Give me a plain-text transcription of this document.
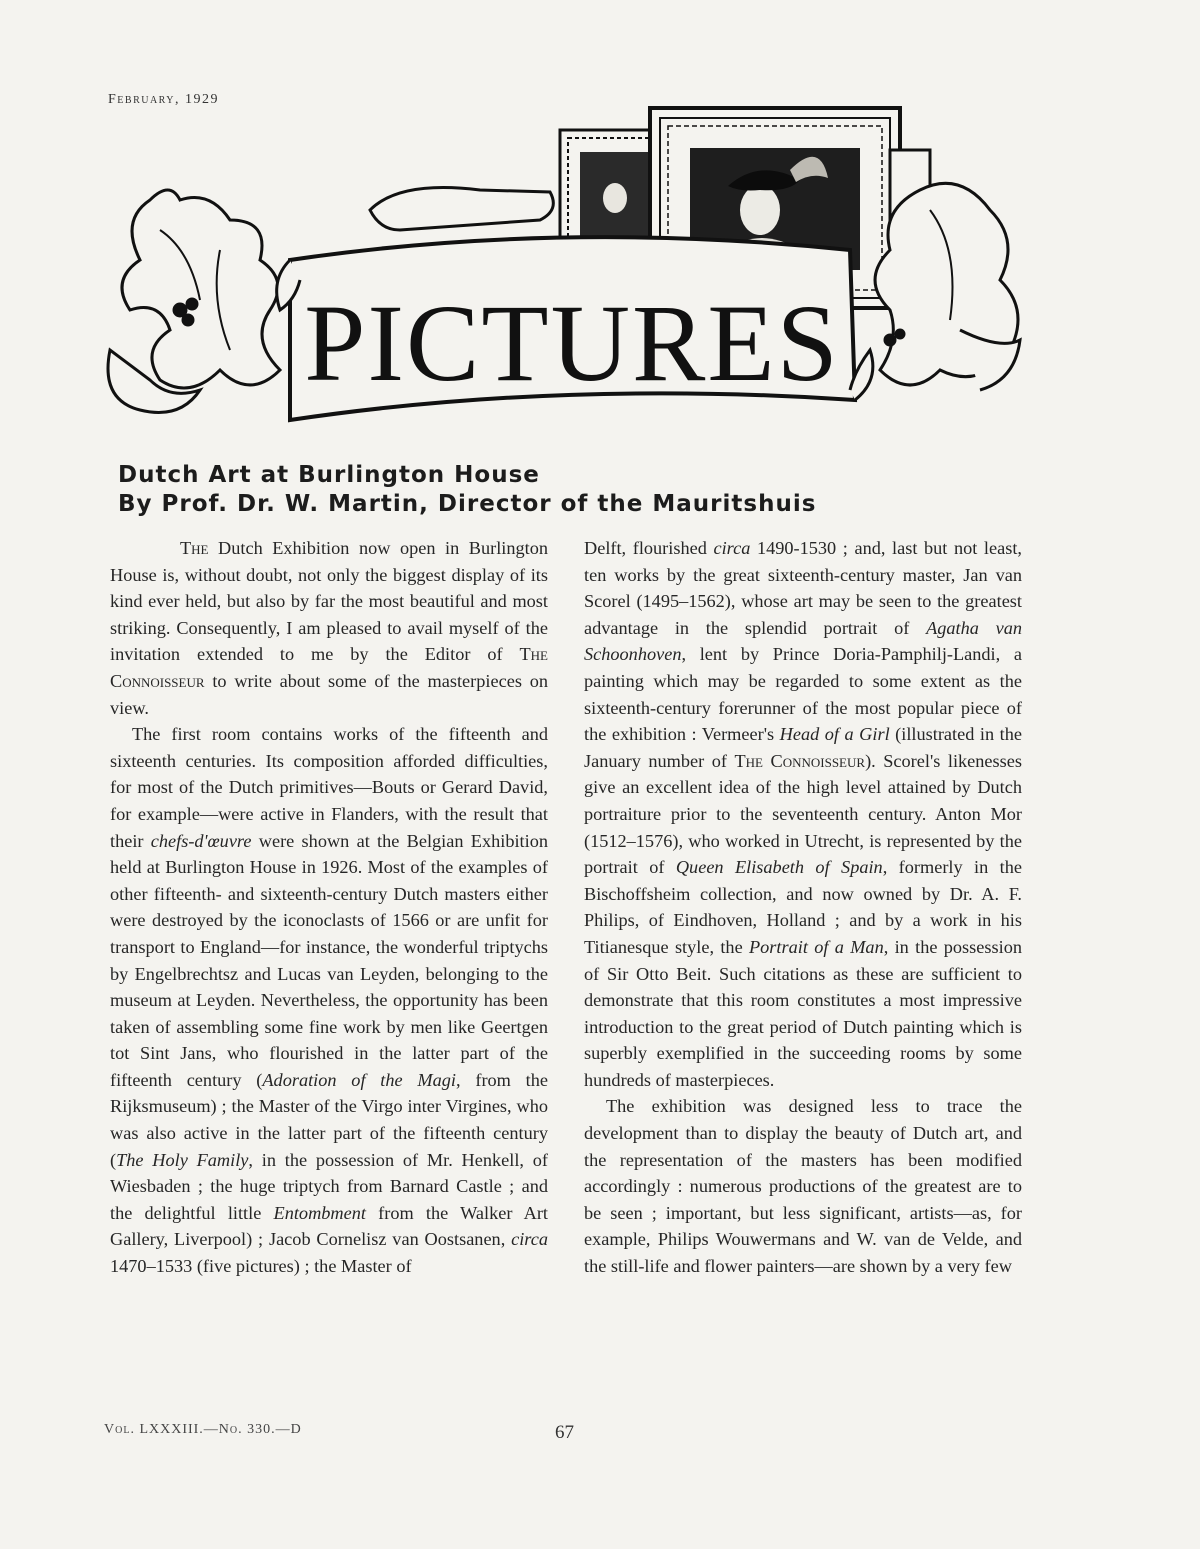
February, 1929
PICTURES

Dutch Art at Burlington House

By Prof. Dr. W. Martin, Director of the Mauritshuis

The Dutch Exhibition now open in Burlington House is, without doubt, not only the biggest display of its kind ever held, but also by far the most beautiful and most striking. Consequently, I am pleased to avail myself of the invitation extended to me by the Editor of The Connoisseur to write about some of the masterpieces on view.

The first room contains works of the fifteenth and sixteenth centuries. Its composition afforded difficulties, for most of the Dutch primitives—Bouts or Gerard David, for example—were active in Flanders, with the result that their chefs-d'œuvre were shown at the Belgian Exhibition held at Burlington House in 1926. Most of the examples of other fifteenth- and sixteenth-century Dutch masters either were destroyed by the iconoclasts of 1566 or are unfit for transport to England—for instance, the wonderful triptychs by Engelbrechtsz and Lucas van Leyden, belonging to the museum at Leyden. Nevertheless, the opportunity has been taken of assembling some fine work by men like Geertgen tot Sint Jans, who flourished in the latter part of the fifteenth century (Adoration of the Magi, from the Rijksmuseum) ; the Master of the Virgo inter Virgines, who was also active in the latter part of the fifteenth century (The Holy Family, in the possession of Mr. Henkell, of Wiesbaden ; the huge triptych from Barnard Castle ; and the delightful little Entombment from the Walker Art Gallery, Liverpool) ; Jacob Cornelisz van Oostsanen, circa 1470–1533 (five pictures) ; the Master of

Delft, flourished circa 1490-1530 ; and, last but not least, ten works by the great sixteenth-century master, Jan van Scorel (1495–1562), whose art may be seen to the greatest advantage in the splendid portrait of Agatha van Schoonhoven, lent by Prince Doria-Pamphilj-Landi, a painting which may be regarded to some extent as the sixteenth-century forerunner of the most popular piece of the exhibition : Vermeer's Head of a Girl (illustrated in the January number of The Connoisseur). Scorel's likenesses give an excellent idea of the high level attained by Dutch portraiture prior to the seventeenth century. Anton Mor (1512–1576), who worked in Utrecht, is represented by the portrait of Queen Elisabeth of Spain, formerly in the Bischoffsheim collection, and now owned by Dr. A. F. Philips, of Eindhoven, Holland ; and by a work in his Titianesque style, the Portrait of a Man, in the possession of Sir Otto Beit. Such citations as these are sufficient to demonstrate that this room constitutes a most impressive introduction to the great period of Dutch painting which is superbly exemplified in the succeeding rooms by some hundreds of masterpieces.

The exhibition was designed less to trace the development than to display the beauty of Dutch art, and the representation of the masters has been modified accordingly : numerous productions of the greatest are to be seen ; important, but less significant, artists—as, for example, Philips Wouwermans and W. van de Velde, and the still-life and flower painters—are shown by a very few

Vol. LXXXIII.—No. 330.—D	67
